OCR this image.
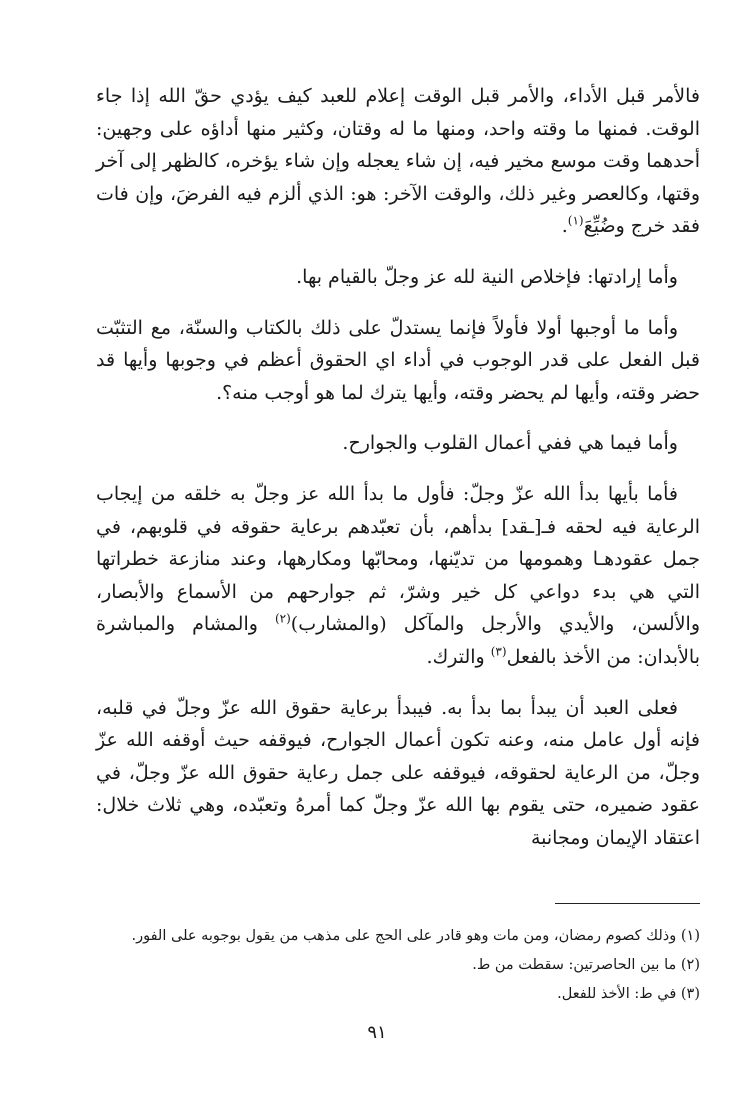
فالأمر قبل الأداء، والأمر قبل الوقت إعلام للعبد كيف يؤدي حقّ الله إذا جاء الوقت. فمنها ما وقته واحد، ومنها ما له وقتان، وكثير منها أداؤه على وجهين: أحدهما وقت موسع مخير فيه، إن شاء يعجله وإن شاء يؤخره، كالظهر إلى آخر وقتها، وكالعصر وغير ذلك، والوقت الآخر: هو: الذي ألزم فيه الفرضَ، وإن فات فقد خرج وضُيِّعَ$^{(١)}$.

وأما إرادتها: فإخلاص النية لله عز وجلّ بالقيام بها.

وأما ما أوجبها أولا فأولاً فإنما يستدلّ على ذلك بالكتاب والسنّة، مع التثبّت قبل الفعل على قدر الوجوب في أداء اي الحقوق أعظم في وجوبها وأيها قد حضر وقته، وأيها لم يحضر وقته، وأيها يترك لما هو أوجب منه؟.

وأما فيما هي ففي أعمال القلوب والجوارح.

فأما بأيها بدأ الله عزّ وجلّ: فأول ما بدأ الله عز وجلّ به خلقه من إيجاب الرعاية فيه لحقه فـ[ـقد] بدأهم، بأن تعبّدهم برعاية حقوقه في قلوبهم، في جمل عقودهـا وهمومها من تديّنها، ومحابّها ومكارهها، وعند منازعة خطراتها التي هي بدء دواعي كل خير وشرّ، ثم جوارحهم من الأسماع والأبصار، والألسن، والأيدي والأرجل والمآكل (والمشارب)$^{(٢)}$ والمشام والمباشرة بالأبدان: من الأخذ بالفعل$^{(٣)}$ والترك.

فعلى العبد أن يبدأ بما بدأ به. فيبدأ برعاية حقوق الله عزّ وجلّ في قلبه، فإنه أول عامل منه، وعنه تكون أعمال الجوارح، فيوقفه حيث أوقفه الله عزّ وجلّ، من الرعاية لحقوقه، فيوقفه على جمل رعاية حقوق الله عزّ وجلّ، في عقود ضميره، حتى يقوم بها الله عزّ وجلّ كما أمرهُ وتعبّده، وهي ثلاث خلال: اعتقاد الإيمان ومجانبة

(١) وذلك كصوم رمضان، ومن مات وهو قادر على الحج على مذهب من يقول بوجوبه على الفور.

(٢) ما بين الحاصرتين: سقطت من ط.

(٣) في ط: الأخذ للفعل.

٩١
